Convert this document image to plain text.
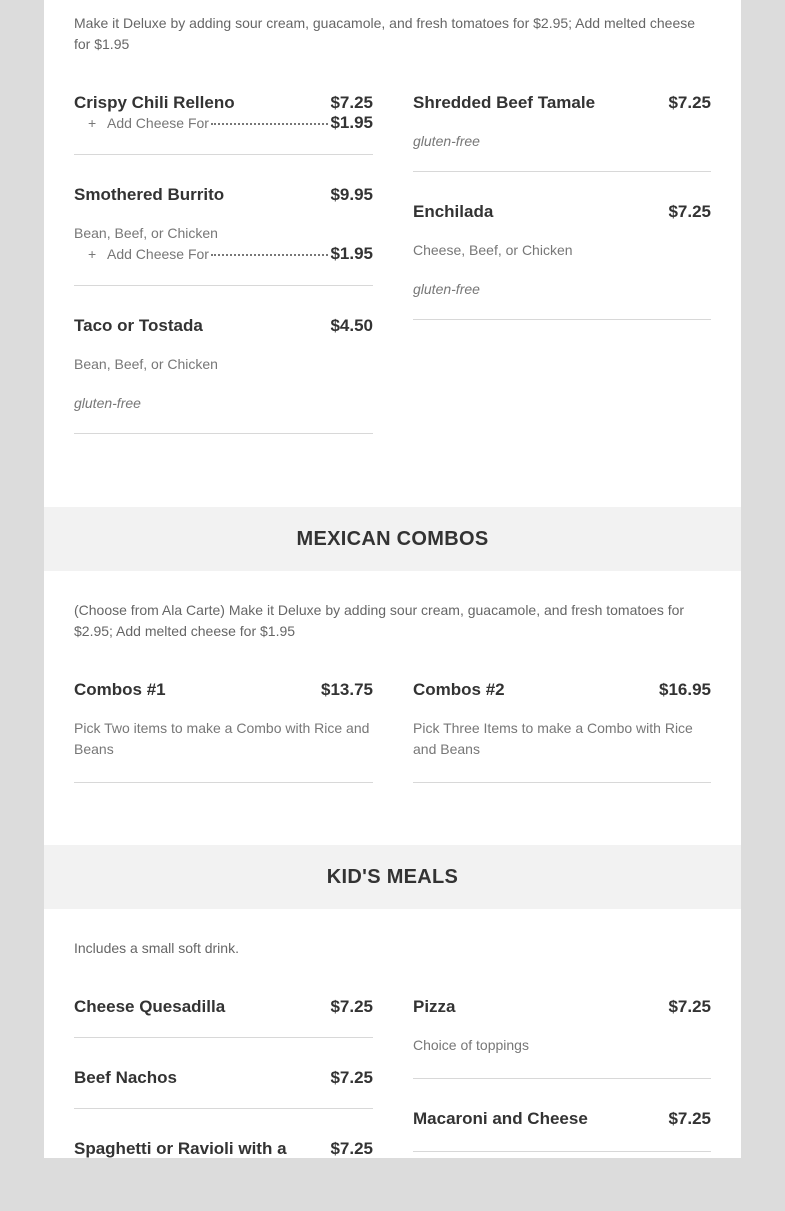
Make it Deluxe by adding sour cream, guacamole, and fresh tomatoes for $2.95; Add melted cheese for $1.95
Crispy Chili Relleno	$7.25
+ Add Cheese For	$1.95
Smothered Burrito	$9.95
Bean, Beef, or Chicken
+ Add Cheese For	$1.95
Taco or Tostada	$4.50
Bean, Beef, or Chicken
gluten-free
Shredded Beef Tamale	$7.25
gluten-free
Enchilada	$7.25
Cheese, Beef, or Chicken
gluten-free
MEXICAN COMBOS
(Choose from Ala Carte) Make it Deluxe by adding sour cream, guacamole, and fresh tomatoes for $2.95; Add melted cheese for $1.95
Combos #1	$13.75
Pick Two items to make a Combo with Rice and Beans
Combos #2	$16.95
Pick Three Items to make a Combo with Rice and Beans
KID'S MEALS
Includes a small soft drink.
Cheese Quesadilla	$7.25
Beef Nachos	$7.25
Spaghetti or Ravioli with a	$7.25
Pizza	$7.25
Choice of toppings
Macaroni and Cheese	$7.25
